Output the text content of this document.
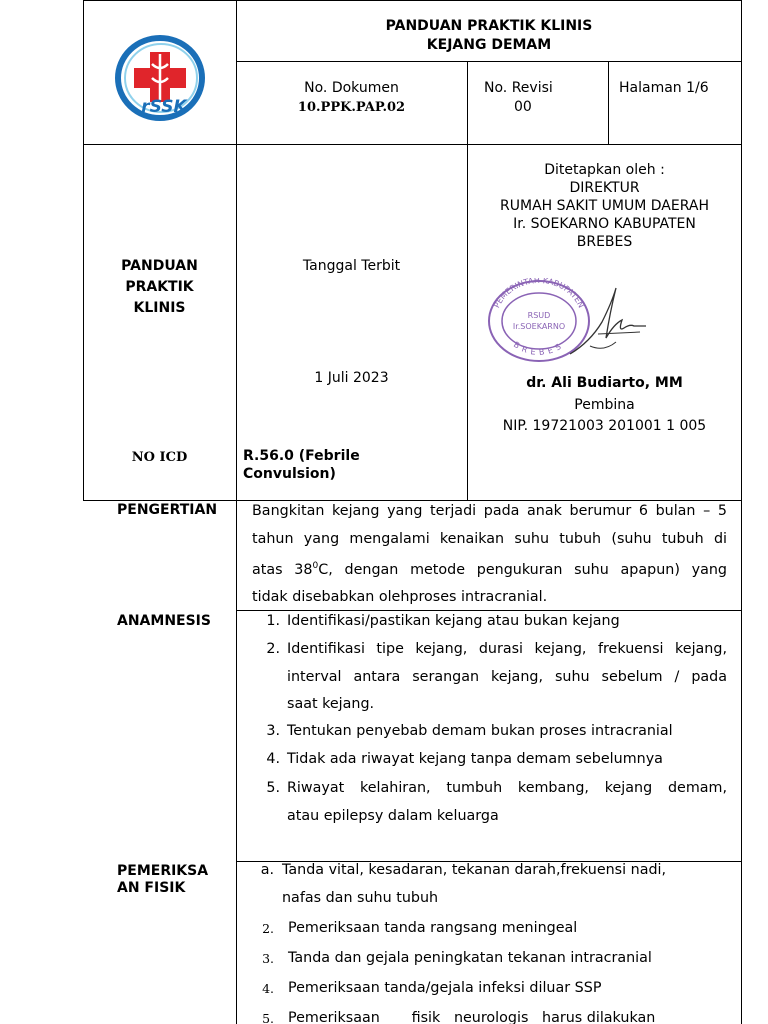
rSSK
PANDUAN PRAKTIK KLINIS
KEJANG DEMAM
No. Dokumen
10.PPK.PAP.02
No. Revisi
00
Halaman 1/6
PANDUAN
PRAKTIK
KLINIS
Tanggal Terbit
1 Juli 2023
Ditetapkan oleh :
DIREKTUR
RUMAH SAKIT UMUM DAERAH
Ir. SOEKARNO KABUPATEN
BREBES
PEMERINTAH KABUPATEN
BREBES
RSUD
Ir.SOEKARNO
dr. Ali Budiarto, MM
Pembina
NIP. 19721003 201001 1 005
NO ICD	R.56.0 (Febrile
Convulsion)
PENGERTIAN Bangkitan kejang yang terjadi pada anak berumur 6 bulan – 5
tahun yang mengalami kenaikan suhu tubuh (suhu tubuh di
atas $38^0C$, dengan metode pengukuran suhu apapun) yang
tidak disebabkan olehproses intracranial.
ANAMNESIS	1. Identifikasi/pastikan kejang atau bukan kejang
2. Identifikasi tipe kejang, durasi kejang, frekuensi kejang,
interval antara serangan kejang, suhu sebelum / pada
saat kejang.
3. Tentukan penyebab demam bukan proses intracranial
4. Tidak ada riwayat kejang tanpa demam sebelumnya
5. Riwayat kelahiran, tumbuh kembang, kejang demam,
atau epilepsy dalam keluarga
PEMERIKSA
AN FISIK
a. Tanda vital, kesadaran, tekanan darah,frekuensi nadi,
nafas dan suhu tubuh
2. Pemeriksaan tanda rangsang meningeal
3. Tanda dan gejala peningkatan tekanan intracranial
4. Pemeriksaan tanda/gejala infeksi diluar SSP
5. Pemeriksaan       fisik   neurologis   harus dilakukan
